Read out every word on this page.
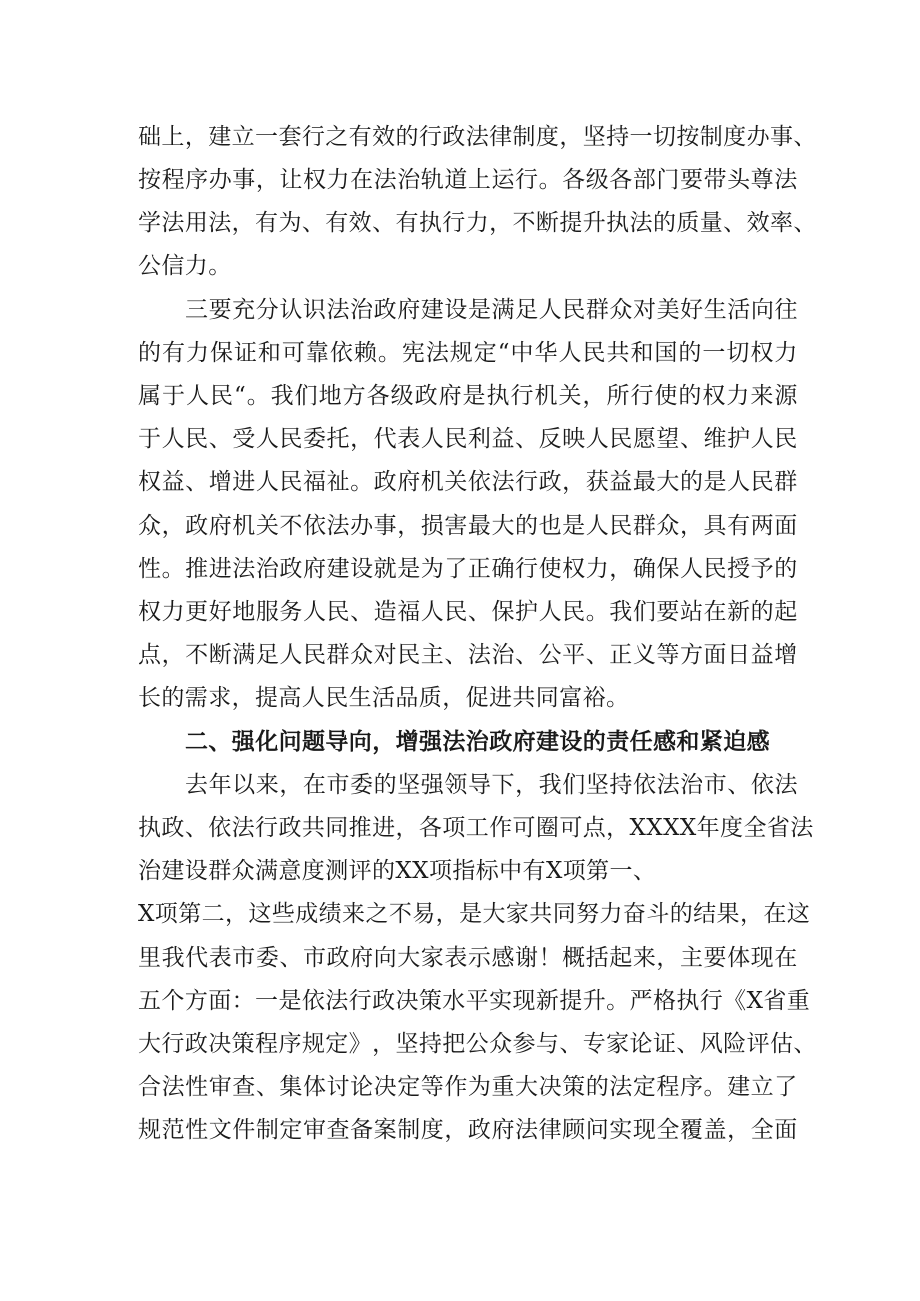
础 上 ， 建 立 一 套 行 之 有 效 的 行 政 法 律 制 度 ， 坚 持 一 切 按 制 度 办 事 、
按 程 序 办 事 ， 让 权 力 在 法 治 轨 道 上 运 行 。 各 级 各 部 门 要 带 头 尊 法
学 法 用 法 ， 有 为 、 有 效 、 有 执 行 力 ， 不 断 提 升 执 法 的 质 量 、 效 率 、
公信力。
三 要 充 分 认 识 法 治 政 府 建 设 是 满 足 人 民 群 众 对 美 好 生 活 向 往
的 有 力 保 证 和 可 靠 依 赖 。 宪 法 规 定 “ 中 华 人 民 共 和 国 的 一 切 权 力
属 于 人 民 “ 。 我 们 地 方 各 级 政 府 是 执 行 机 关 ， 所 行 使 的 权 力 来 源
于 人 民 、 受 人 民 委 托 ， 代 表 人 民 利 益 、 反 映 人 民 愿 望 、 维 护 人 民
权 益 、 增 进 人 民 福 祉 。 政 府 机 关 依 法 行 政 ， 获 益 最 大 的 是 人 民 群
众 ， 政 府 机 关 不 依 法 办 事 ， 损 害 最 大 的 也 是 人 民 群 众 ， 具 有 两 面
性 。 推 进 法 治 政 府 建 设 就 是 为 了 正 确 行 使 权 力 ， 确 保 人 民 授 予 的
权 力 更 好 地 服 务 人 民 、 造 福 人 民 、 保 护 人 民 。 我 们 要 站 在 新 的 起
点 ， 不 断 满 足 人 民 群 众 对 民 主 、 法 治 、 公 平 、 正 义 等 方 面 日 益 增
长的需求，提高人民生活品质，促进共同富裕。
二、强化问题导向，增强法治政府建设的责任感和紧迫感
去 年 以 来 ， 在 市 委 的 坚 强 领 导 下 ， 我 们 坚 持 依 法 治 市 、 依 法
执 政 、 依 法 行 政 共 同 推 进 ， 各 项 工 作 可 圈 可 点 ， XXXX 年 度 全 省 法
治建设群众满意度测评的XX项指标中有X项第一、
X 项 第 二 ， 这 些 成 绩 来 之 不 易 ， 是 大 家 共 同 努 力 奋 斗 的 结 果 ， 在 这
里 我 代 表 市 委 、 市 政 府 向 大 家 表 示 感 谢 ！ 概 括 起 来 ， 主 要 体 现 在
五 个 方 面 ： 一 是 依 法 行 政 决 策 水 平 实 现 新 提 升 。 严 格 执 行 《 X 省 重
大 行 政 决 策 程 序 规 定 》 ， 坚 持 把 公 众 参 与 、 专 家 论 证 、 风 险 评 估 、
合 法 性 审 查 、 集 体 讨 论 决 定 等 作 为 重 大 决 策 的 法 定 程 序 。 建 立 了
规 范 性 文 件 制 定 审 查 备 案 制 度 ， 政 府 法 律 顾 问 实 现 全 覆 盖 ， 全 面
